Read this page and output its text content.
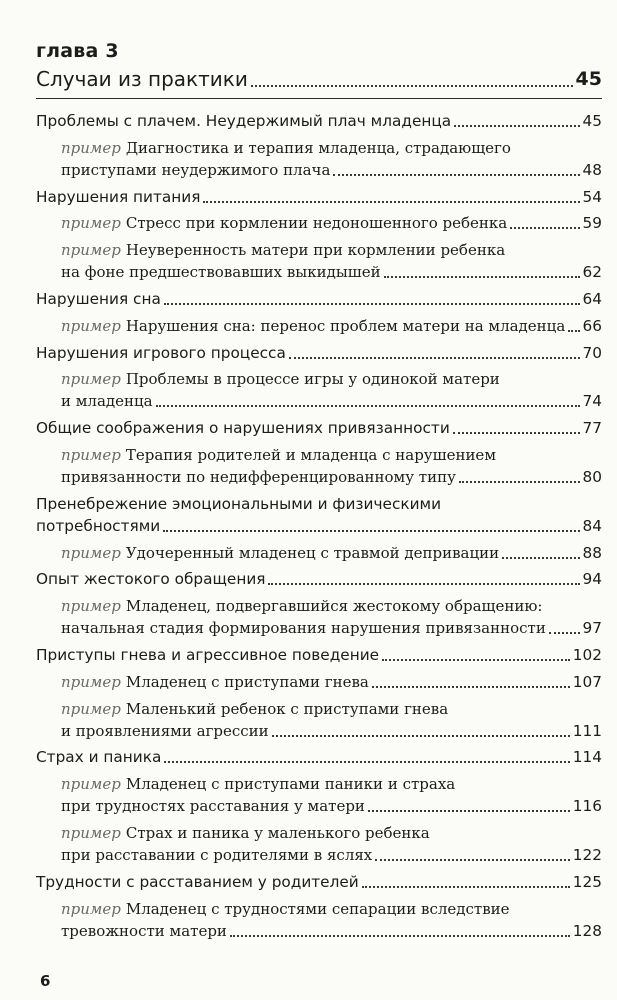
глава 3
Случаи из практики	45
Проблемы с плачем. Неудержимый плач младенца	45
пример Диагностика и терапия младенца, страдающего
приступами неудержимого плача	48
Нарушения питания	54
пример Стресс при кормлении недоношенного ребенка	59
пример Неуверенность матери при кормлении ребенка
на фоне предшествовавших выкидышей	62
Нарушения сна	64
пример Нарушения сна: перенос проблем матери на младенца 66
Нарушения игрового процесса	70
пример Проблемы в процессе игры у одинокой матери
и младенца	74
Общие соображения о нарушениях привязанности	77
пример Терапия родителей и младенца с нарушением
привязанности по недифференцированному типу	80
Пренебрежение эмоциональными и физическими
потребностями	84
пример Удочеренный младенец с травмой депривации	88
Опыт жестокого обращения	94
пример Младенец, подвергавшийся жестокому обращению:
начальная стадия формирования нарушения привязанности 97
Приступы гнева и агрессивное поведение	102
пример Младенец с приступами гнева	107
пример Маленький ребенок с приступами гнева
и проявлениями агрессии	111
Страх и паника	114
пример Младенец с приступами паники и страха
при трудностях расставания у матери	116
пример Страх и паника у маленького ребенка
при расставании с родителями в яслях	122
Трудности с расставанием у родителей	125
пример Младенец с трудностями сепарации вследствие
тревожности матери	128
6
